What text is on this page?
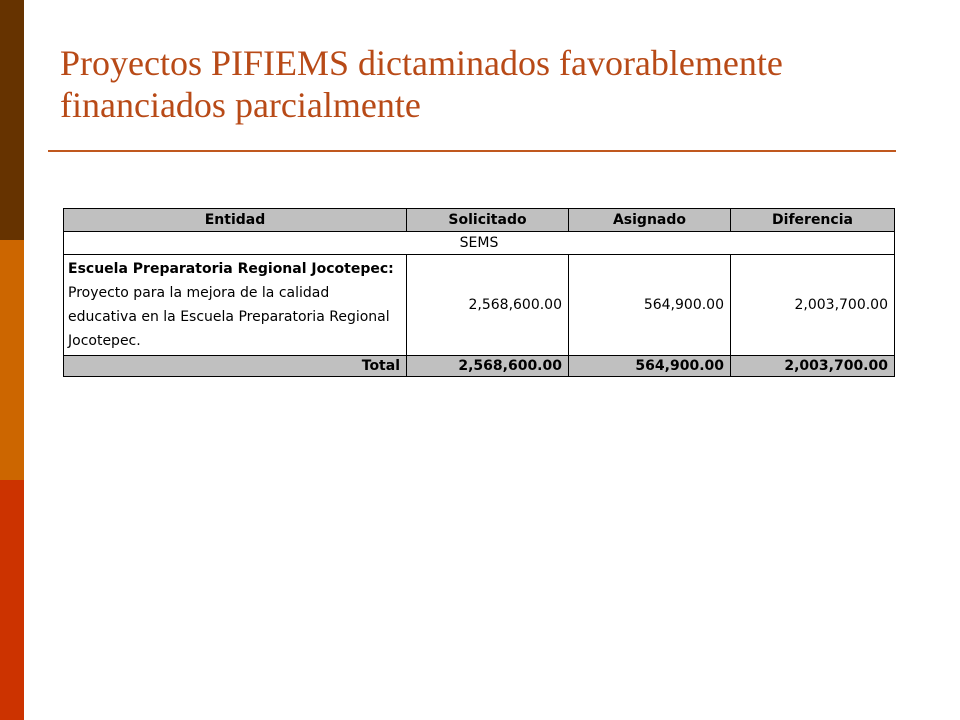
Proyectos PIFIEMS dictaminados favorablemente
financiados parcialmente
Entidad	Solicitado	Asignado	Diferencia
SEMS			
Escuela Preparatoria Regional Jocotepec: Proyecto para la mejora de la calidad educativa en la Escuela Preparatoria Regional Jocotepec.	2,568,600.00	564,900.00	2,003,700.00
Total	2,568,600.00	564,900.00	2,003,700.00
